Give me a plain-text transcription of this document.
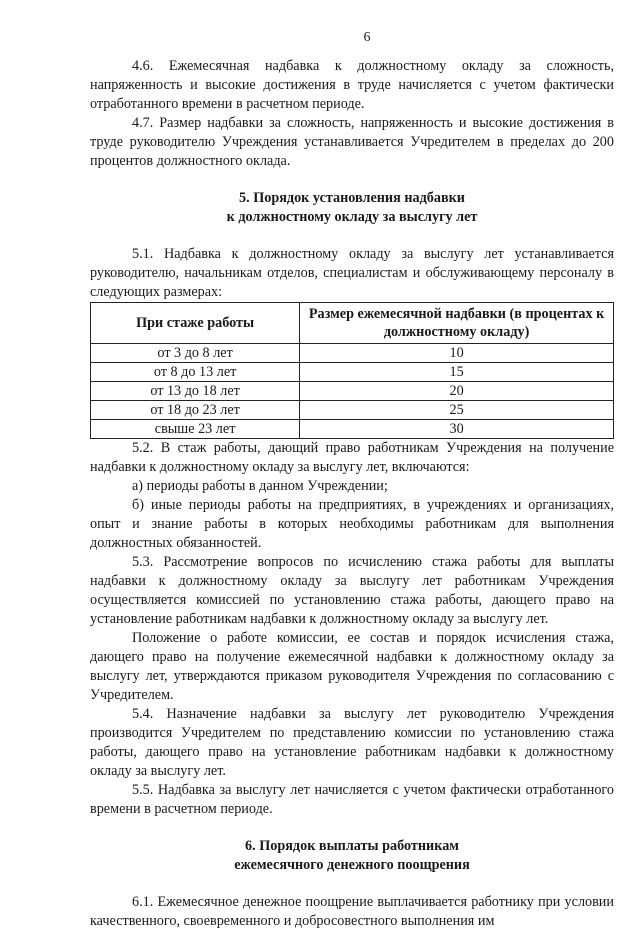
6

4.6. Ежемесячная надбавка к должностному окладу за сложность, напряженность и высокие достижения в труде начисляется с учетом фактически отработанного времени в расчетном периоде.

4.7. Размер надбавки за сложность, напряженность и высокие достижения в труде руководителю Учреждения устанавливается Учредителем в пределах до 200 процентов должностного оклада.

5. Порядок установления надбавки
к должностному окладу за выслугу лет

5.1. Надбавка к должностному окладу за выслугу лет устанавливается руководителю, начальникам отделов, специалистам и обслуживающему персоналу в следующих размерах:

При стаже работы	Размер ежемесячной надбавки (в процентах к должностному окладу)
от 3 до 8 лет	10
от 8 до 13 лет	15
от 13 до 18 лет	20
от 18 до 23 лет	25
свыше 23 лет	30

5.2. В стаж работы, дающий право работникам Учреждения на получение надбавки к должностному окладу за выслугу лет, включаются:

а) периоды работы в данном Учреждении;

б) иные периоды работы на предприятиях, в учреждениях и организациях, опыт и знание работы в которых необходимы работникам для выполнения должностных обязанностей.

5.3. Рассмотрение вопросов по исчислению стажа работы для выплаты надбавки к должностному окладу за выслугу лет работникам Учреждения осуществляется комиссией по установлению стажа работы, дающего право на установление работникам надбавки к должностному окладу за выслугу лет.

Положение о работе комиссии, ее состав и порядок исчисления стажа, дающего право на получение ежемесячной надбавки к должностному окладу за выслугу лет, утверждаются приказом руководителя Учреждения по согласованию с Учредителем.

5.4. Назначение надбавки за выслугу лет руководителю Учреждения производится Учредителем по представлению комиссии по установлению стажа работы, дающего право на установление работникам надбавки к должностному окладу за выслугу лет.

5.5. Надбавка за выслугу лет начисляется с учетом фактически отработанного времени в расчетном периоде.

6. Порядок выплаты работникам
ежемесячного денежного поощрения

6.1. Ежемесячное денежное поощрение выплачивается работнику при условии качественного, своевременного и добросовестного выполнения им
